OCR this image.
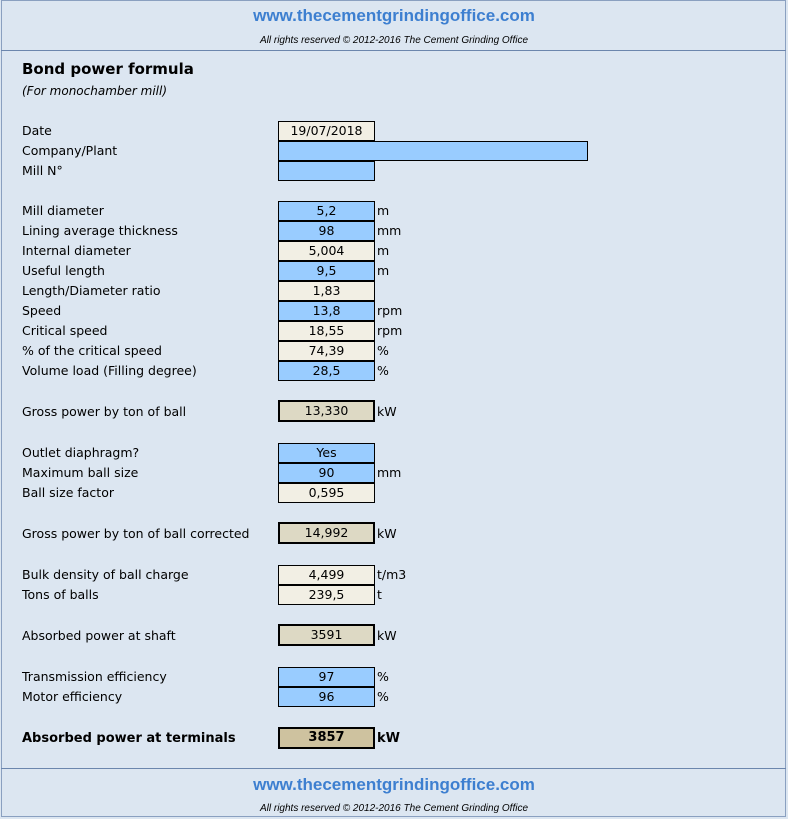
www.thecementgrindingoffice.com
All rights reserved © 2012-2016 The Cement Grinding Office
Bond power formula
(For monochamber mill)
Date	19/07/2018
Company/Plant
Mill N°
Mill diameter	5,2	m
Lining average thickness	98	mm
Internal diameter	5,004	m
Useful length	9,5	m
Length/Diameter ratio	1,83
Speed	13,8	rpm
Critical speed	18,55	rpm
% of the critical speed	74,39	%
Volume load (Filling degree)	28,5	%
Gross power by ton of ball	13,330	kW
Outlet diaphragm?	Yes
Maximum ball size	90	mm
Ball size factor	0,595
Gross power by ton of ball corrected	14,992	kW
Bulk density of ball charge	4,499	t/m3
Tons of balls	239,5	t
Absorbed power at shaft	3591	kW
Transmission efficiency	97	%
Motor efficiency	96	%
Absorbed power at terminals	3857	kW
www.thecementgrindingoffice.com
All rights reserved © 2012-2016 The Cement Grinding Office
